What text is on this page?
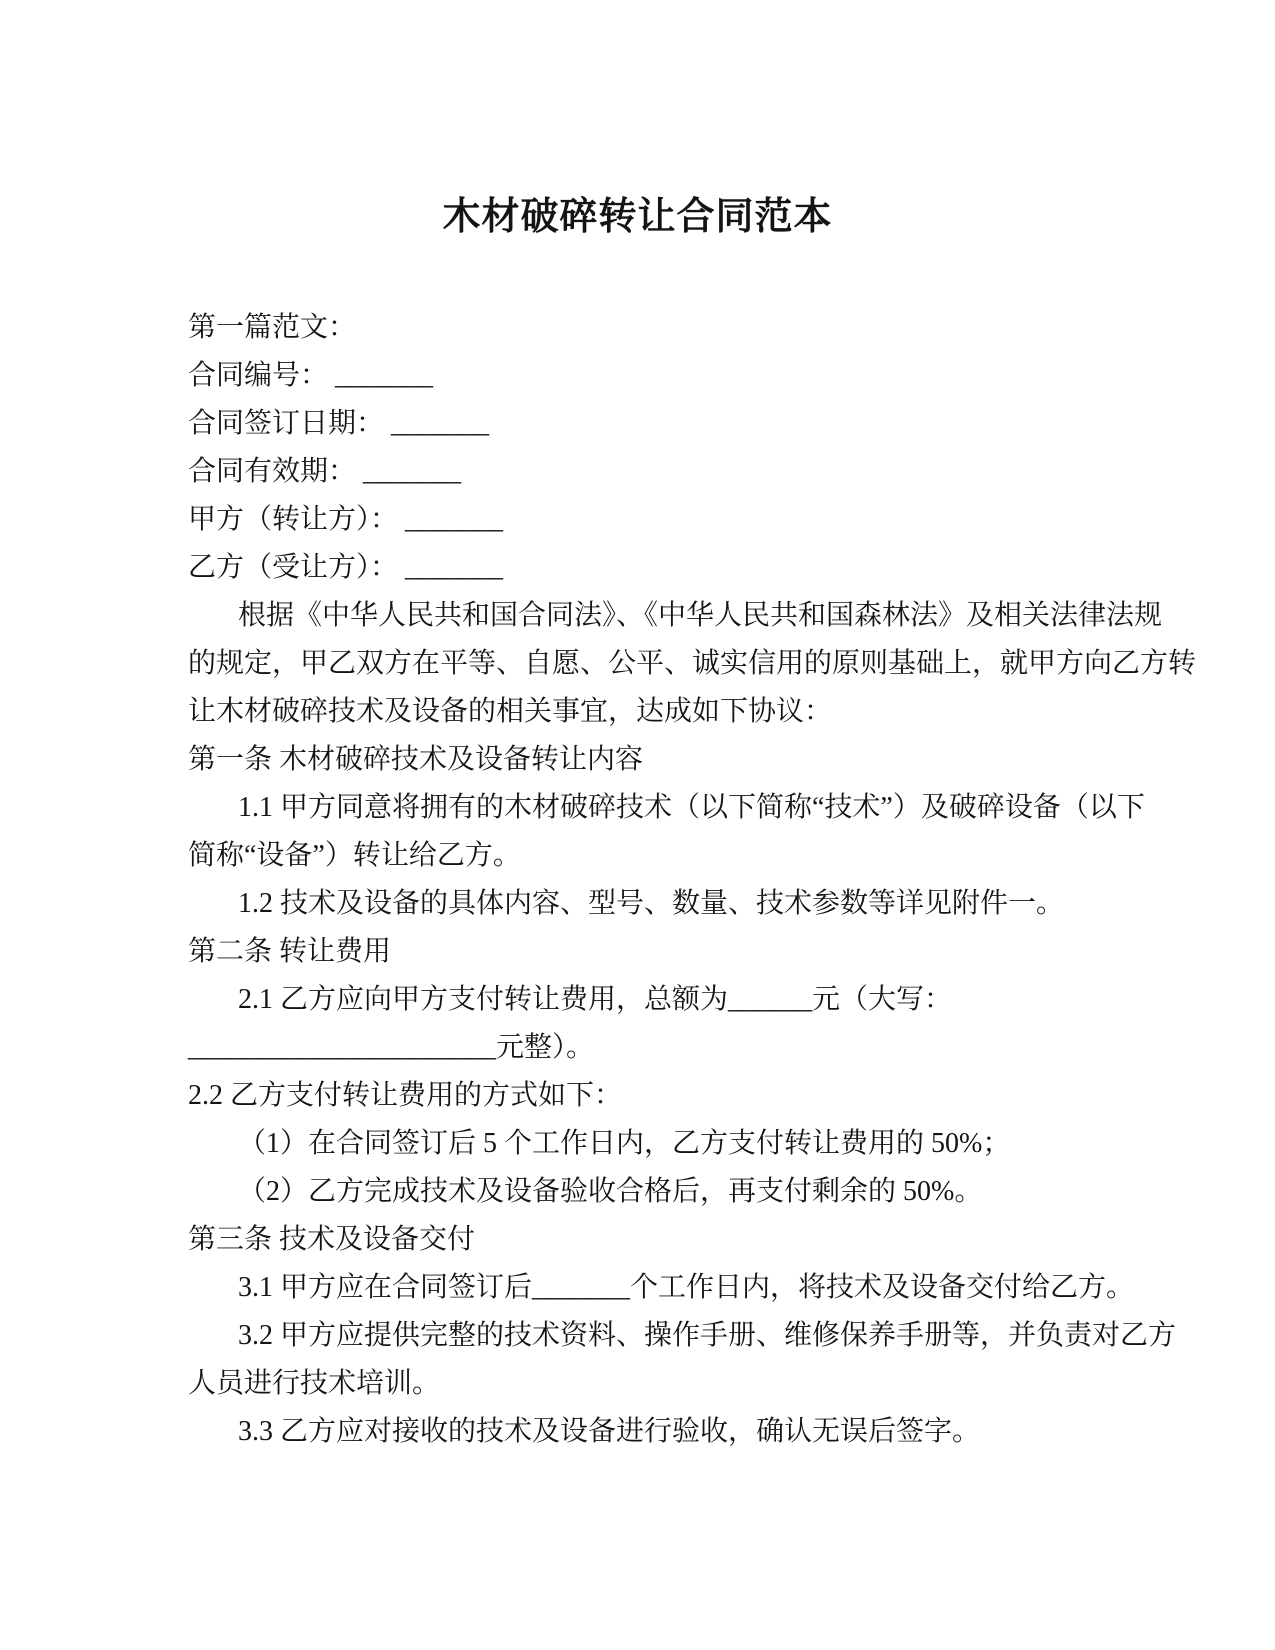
木材破碎转让合同范本
第一篇范文：
合同编号： _______
合同签订日期： _______
合同有效期： _______
甲方（转让方）： _______
乙方（受让方）： _______
根据《中华人民共和国合同法》、《中华人民共和国森林法》及相关法律法规
的规定，甲乙双方在平等、自愿、公平、诚实信用的原则基础上，就甲方向乙方转
让木材破碎技术及设备的相关事宜，达成如下协议：
第一条 木材破碎技术及设备转让内容
1.1 甲方同意将拥有的木材破碎技术（以下简称“技术”）及破碎设备（以下
简称“设备”）转让给乙方。
1.2 技术及设备的具体内容、型号、数量、技术参数等详见附件一。
第二条 转让费用
2.1 乙方应向甲方支付转让费用，总额为______元（大写：
______________________元整）。
2.2 乙方支付转让费用的方式如下：
（1）在合同签订后 5 个工作日内，乙方支付转让费用的 50%；
（2）乙方完成技术及设备验收合格后，再支付剩余的 50%。
第三条 技术及设备交付
3.1 甲方应在合同签订后_______个工作日内，将技术及设备交付给乙方。
3.2 甲方应提供完整的技术资料、操作手册、维修保养手册等，并负责对乙方
人员进行技术培训。
3.3 乙方应对接收的技术及设备进行验收，确认无误后签字。
